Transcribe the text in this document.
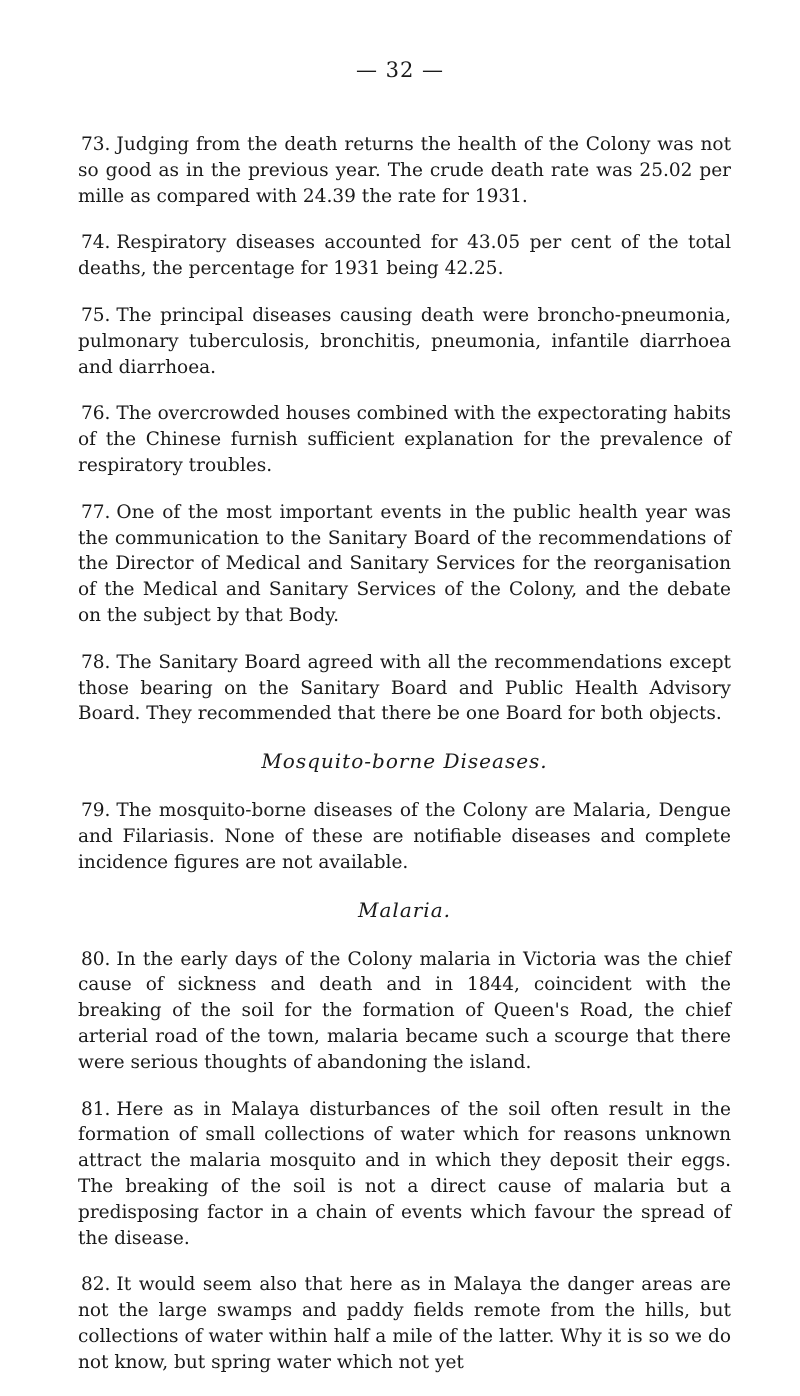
— 32 —

73. Judging from the death returns the health of the Colony was not so good as in the previous year. The crude death rate was 25.02 per mille as compared with 24.39 the rate for 1931.

74. Respiratory diseases accounted for 43.05 per cent of the total deaths, the percentage for 1931 being 42.25.

75. The principal diseases causing death were broncho-pneumonia, pulmonary tuberculosis, bronchitis, pneumonia, infantile diarrhoea and diarrhoea.

76. The overcrowded houses combined with the expectorating habits of the Chinese furnish sufficient explanation for the prevalence of respiratory troubles.

77. One of the most important events in the public health year was the communication to the Sanitary Board of the recommendations of the Director of Medical and Sanitary Services for the reorganisation of the Medical and Sanitary Services of the Colony, and the debate on the subject by that Body.

78. The Sanitary Board agreed with all the recommendations except those bearing on the Sanitary Board and Public Health Advisory Board. They recommended that there be one Board for both objects.

Mosquito-borne Diseases.

79. The mosquito-borne diseases of the Colony are Malaria, Dengue and Filariasis. None of these are notifiable diseases and complete incidence figures are not available.

Malaria.

80. In the early days of the Colony malaria in Victoria was the chief cause of sickness and death and in 1844, coincident with the breaking of the soil for the formation of Queen's Road, the chief arterial road of the town, malaria became such a scourge that there were serious thoughts of abandoning the island.

81. Here as in Malaya disturbances of the soil often result in the formation of small collections of water which for reasons unknown attract the malaria mosquito and in which they deposit their eggs. The breaking of the soil is not a direct cause of malaria but a predisposing factor in a chain of events which favour the spread of the disease.

82. It would seem also that here as in Malaya the danger areas are not the large swamps and paddy fields remote from the hills, but collections of water within half a mile of the latter. Why it is so we do not know, but spring water which not yet
